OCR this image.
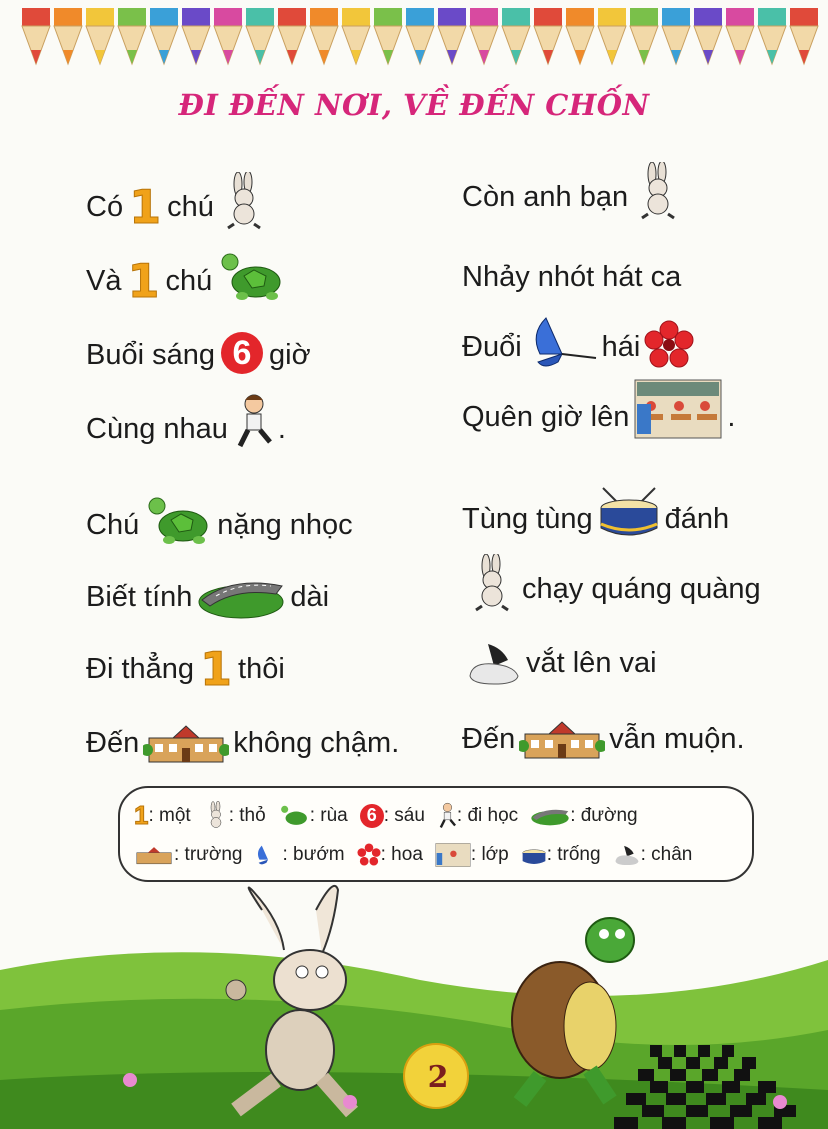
ĐI ĐẾN NƠI, VỀ ĐẾN CHỐN
Có 1 chú
Và 1 chú
Buổi sáng 6 giờ
Cùng nhau .
Chú	nặng nhọc
Biết tính	dài
Đi thẳng 1 thôi
Đến	không chậm.
Còn anh bạn
Nhảy nhót hát ca
Đuổi	hái
Quên giờ lên	.
Tùng tùng đánh
chạy quáng quàng
vắt lên vai
Đến	vẫn muộn.
1 : một : thỏ : rùa	6 : sáu : đi học	: đường
: trường : bướm : hoa	: lớp : trống : chân
2
